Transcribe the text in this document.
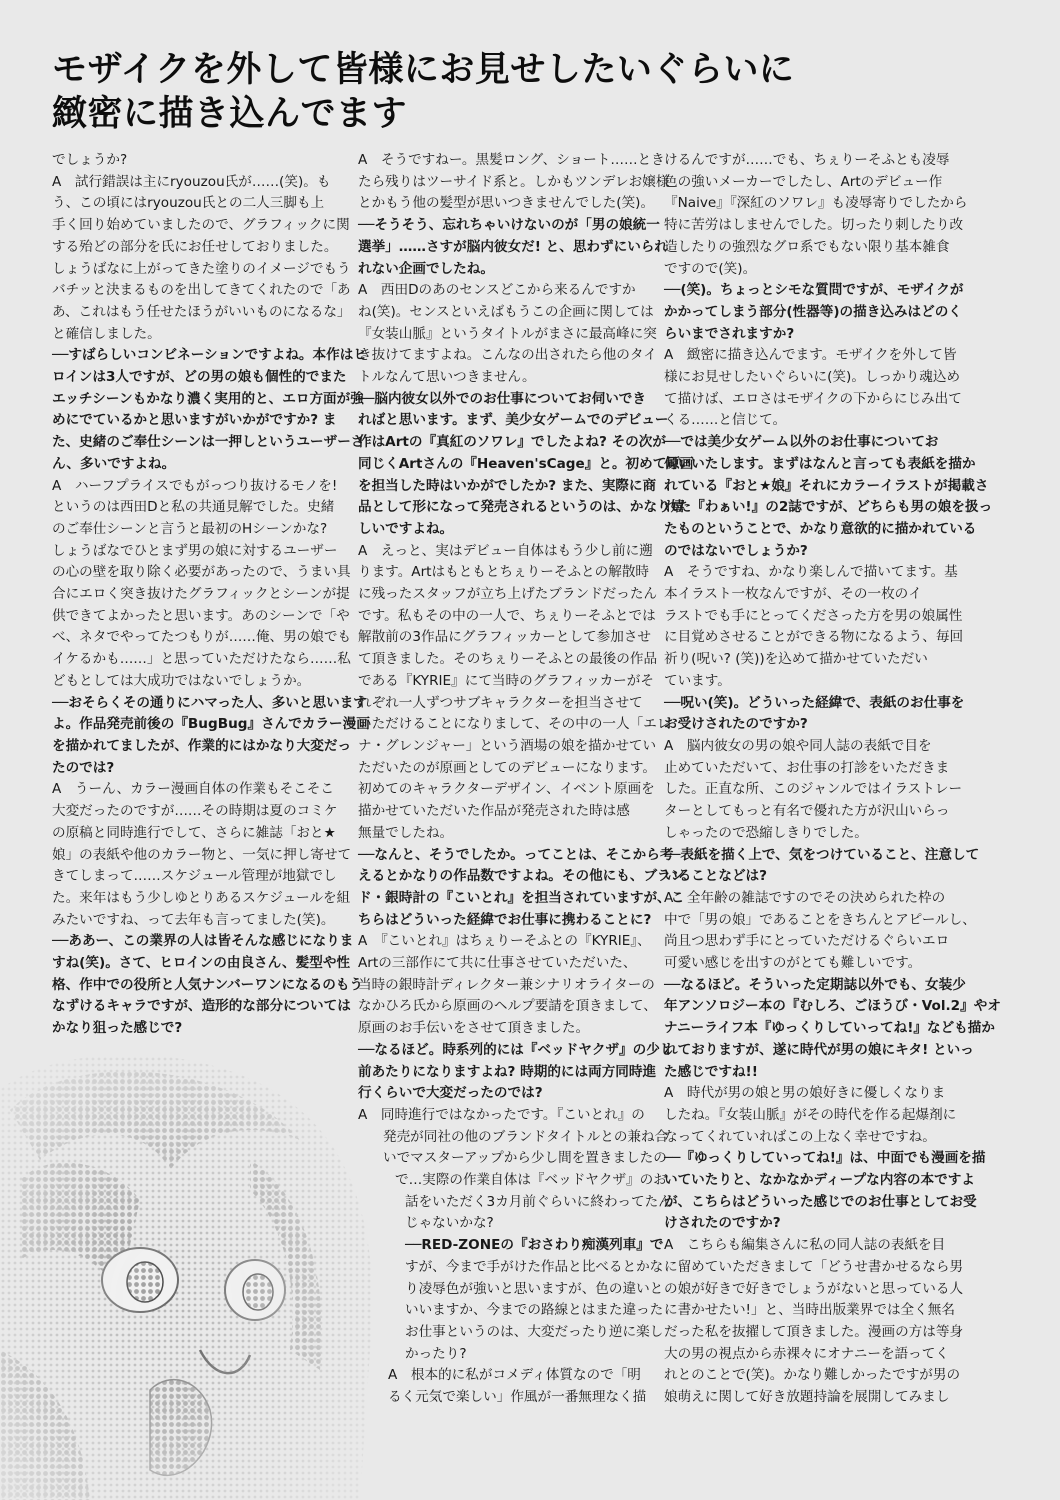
モザイクを外して皆様にお見せしたいぐらいに
緻密に描き込んでます

でしょうか?

A　試行錯誤は主にryouzou氏が……(笑)。も

う、この頃にはryouzou氏との二人三脚も上

手く回り始めていましたので、グラフィックに関

する殆どの部分を氏にお任せしておりました。

しょうばなに上がってきた塗りのイメージでもう

バチッと決まるものを出してきてくれたので「あ

あ、これはもう任せたほうがいいものになるな」

と確信しました。

──すばらしいコンビネーションですよね。本作はヒ

ロインは3人ですが、どの男の娘も個性的でまた

エッチシーンもかなり濃く実用的と、エロ方面が強

めにでているかと思いますがいかがですか? ま

た、史緒のご奉仕シーンは一押しというユーザーさ

ん、多いですよね。

A　ハーフプライスでもがっつり抜けるモノを!

というのは西田Dと私の共通見解でした。史緒

のご奉仕シーンと言うと最初のHシーンかな?

しょうばなでひとまず男の娘に対するユーザー

の心の壁を取り除く必要があったので、うまい具

合にエロく突き抜けたグラフィックとシーンが提

供できてよかったと思います。あのシーンで「や

べ、ネタでやってたつもりが……俺、男の娘でも

イケるかも……」と思っていただけたなら……私

どもとしては大成功ではないでしょうか。

──おそらくその通りにハマった人、多いと思います

よ。作品発売前後の『BugBug』さんでカラー漫画

を描かれてましたが、作業的にはかなり大変だっ

たのでは?

A　うーん、カラー漫画自体の作業もそこそこ

大変だったのですが……その時期は夏のコミケ

の原稿と同時進行でして、さらに雑誌「おと★

娘」の表紙や他のカラー物と、一気に押し寄せて

きてしまって……スケジュール管理が地獄でし

た。来年はもう少しゆとりあるスケジュールを組

みたいですね、って去年も言ってました(笑)。

──ああー、この業界の人は皆そんな感じになりま

すね(笑)。さて、ヒロインの由良さん、髪型や性

格、作中での役所と人気ナンバーワンになるのもう

なずけるキャラですが、造形的な部分については

かなり狙った感じで?

A　そうですねー。黒髪ロング、ショート……とき

たら残りはツーサイド系と。しかもツンデレお嬢様

とかもう他の髪型が思いつきませんでした(笑)。

──そうそう、忘れちゃいけないのが「男の娘統一

選挙」……さすが脳内彼女だ! と、思わずにいられ

れない企画でしたね。

A　西田Dのあのセンスどこから来るんですか

ね(笑)。センスといえばもうこの企画に関しては

『女装山脈』というタイトルがまさに最高峰に突

き抜けてますよね。こんなの出されたら他のタイ

トルなんて思いつきません。

──脳内彼女以外でのお仕事についてお伺いでき

ればと思います。まず、美少女ゲームでのデビュー

作はArtの『真紅のソワレ』でしたよね? その次が

同じくArtさんの『Heaven'sCage』と。初めて原画

を担当した時はいかがでしたか? また、実際に商

品として形になって発売されるというのは、かなり嬉

しいですよね。

A　えっと、実はデビュー自体はもう少し前に遡

ります。Artはもともとちぇりーそふとの解散時

に残ったスタッフが立ち上げたブランドだったん

です。私もその中の一人で、ちぇりーそふとでは

解散前の3作品にグラフィッカーとして参加させ

て頂きました。そのちぇりーそふとの最後の作品

である『KYRIE』にて当時のグラフィッカーがそ

れぞれ一人ずつサブキャラクターを担当させて

いただけることになりまして、その中の一人「エレ

ナ・グレンジャー」という酒場の娘を描かせてい

ただいたのが原画としてのデビューになります。

初めてのキャラクターデザイン、イベント原画を

描かせていただいた作品が発売された時は感

無量でしたね。

──なんと、そうでしたか。ってことは、そこから考

えるとかなりの作品数ですよね。その他にも、ブラン

ド・銀時計の『こいとれ』を担当されていますが、こ

ちらはどういった経緯でお仕事に携わることに?

A　『こいとれ』はちぇりーそふとの『KYRIE』、

Artの三部作にて共に仕事させていただいた、

当時の銀時計ディレクター兼シナリオライターの

なかひろ氏から原画のヘルプ要請を頂きまして、

原画のお手伝いをさせて頂きました。

──なるほど。時系列的には『ベッドヤクザ』の少し

前あたりになりますよね? 時期的には両方同時進

行くらいで大変だったのでは?

A　同時進行ではなかったです。『こいとれ』の

発売が同社の他のブランドタイトルとの兼ね合

いでマスターアップから少し間を置きましたの

で…実際の作業自体は『ベッドヤクザ』のお

話をいただく3カ月前ぐらいに終わってたん

じゃないかな?

──RED-ZONEの『おさわり痴漢列車』で

すが、今まで手がけた作品と比べるとかな

り凌辱色が強いと思いますが、色の違いと

いいますか、今までの路線とはまた違った

お仕事というのは、大変だったり逆に楽し

かったり?

A　根本的に私がコメディ体質なので「明

るく元気で楽しい」作風が一番無理なく描

けるんですが……でも、ちぇりーそふとも凌辱

色の強いメーカーでしたし、Artのデビュー作

『Naive』『深紅のソワレ』も凌辱寄りでしたから

特に苦労はしませんでした。切ったり刺したり改

造したりの強烈なグロ系でもない限り基本雑食

ですので(笑)。

──(笑)。ちょっとシモな質問ですが、モザイクが

かかってしまう部分(性器等)の描き込みはどのく

らいまでされますか?

A　緻密に描き込んでます。モザイクを外して皆

様にお見せしたいぐらいに(笑)。しっかり魂込め

て描けば、エロさはモザイクの下からにじみ出て

くる……と信じて。

──では美少女ゲーム以外のお仕事についてお

伺いいたします。まずはなんと言っても表紙を描か

れている『おと★娘』それにカラーイラストが掲載さ

れた『わぁい!』の2誌ですが、どちらも男の娘を扱っ

たものということで、かなり意欲的に描かれている

のではないでしょうか?

A　そうですね、かなり楽しんで描いてます。基

本イラスト一枚なんですが、その一枚のイ

ラストでも手にとってくださった方を男の娘属性

に目覚めさせることができる物になるよう、毎回

祈り(呪い? (笑))を込めて描かせていただい

ています。

──呪い(笑)。どういった経緯で、表紙のお仕事を

お受けされたのですか?

A　脳内彼女の男の娘や同人誌の表紙で目を

止めていただいて、お仕事の打診をいただきま

した。正直な所、このジャンルではイラストレー

ターとしてもっと有名で優れた方が沢山いらっ

しゃったので恐縮しきりでした。

──表紙を描く上で、気をつけていること、注意して

いることなどは?

A　全年齢の雑誌ですのでその決められた枠の

中で「男の娘」であることをきちんとアピールし、

尚且つ思わず手にとっていただけるぐらいエロ

可愛い感じを出すのがとても難しいです。

──なるほど。そういった定期誌以外でも、女装少

年アンソロジー本の『むしろ、ごほうび・Vol.2』やオ

ナニーライフ本『ゆっくりしていってね!』なども描か

れておりますが、遂に時代が男の娘にキタ! といっ

た感じですね!!

A　時代が男の娘と男の娘好きに優しくなりま

したね。『女装山脈』がその時代を作る起爆剤に

なってくれていればこの上なく幸せですね。

──『ゆっくりしていってね!』は、中面でも漫画を描

いていたりと、なかなかディープな内容の本ですよ

が、こちらはどういった感じでのお仕事としてお受

けされたのですか?

A　こちらも編集さんに私の同人誌の表紙を目

に留めていただきまして「どうせ書かせるなら男

の娘が好きで好きでしょうがないと思っている人

に書かせたい!」と、当時出版業界では全く無名

だった私を抜擢して頂きました。漫画の方は等身

大の男の視点から赤裸々にオナニーを語ってく

れとのことで(笑)。かなり難しかったですが男の

娘萌えに関して好き放題持論を展開してみまし
